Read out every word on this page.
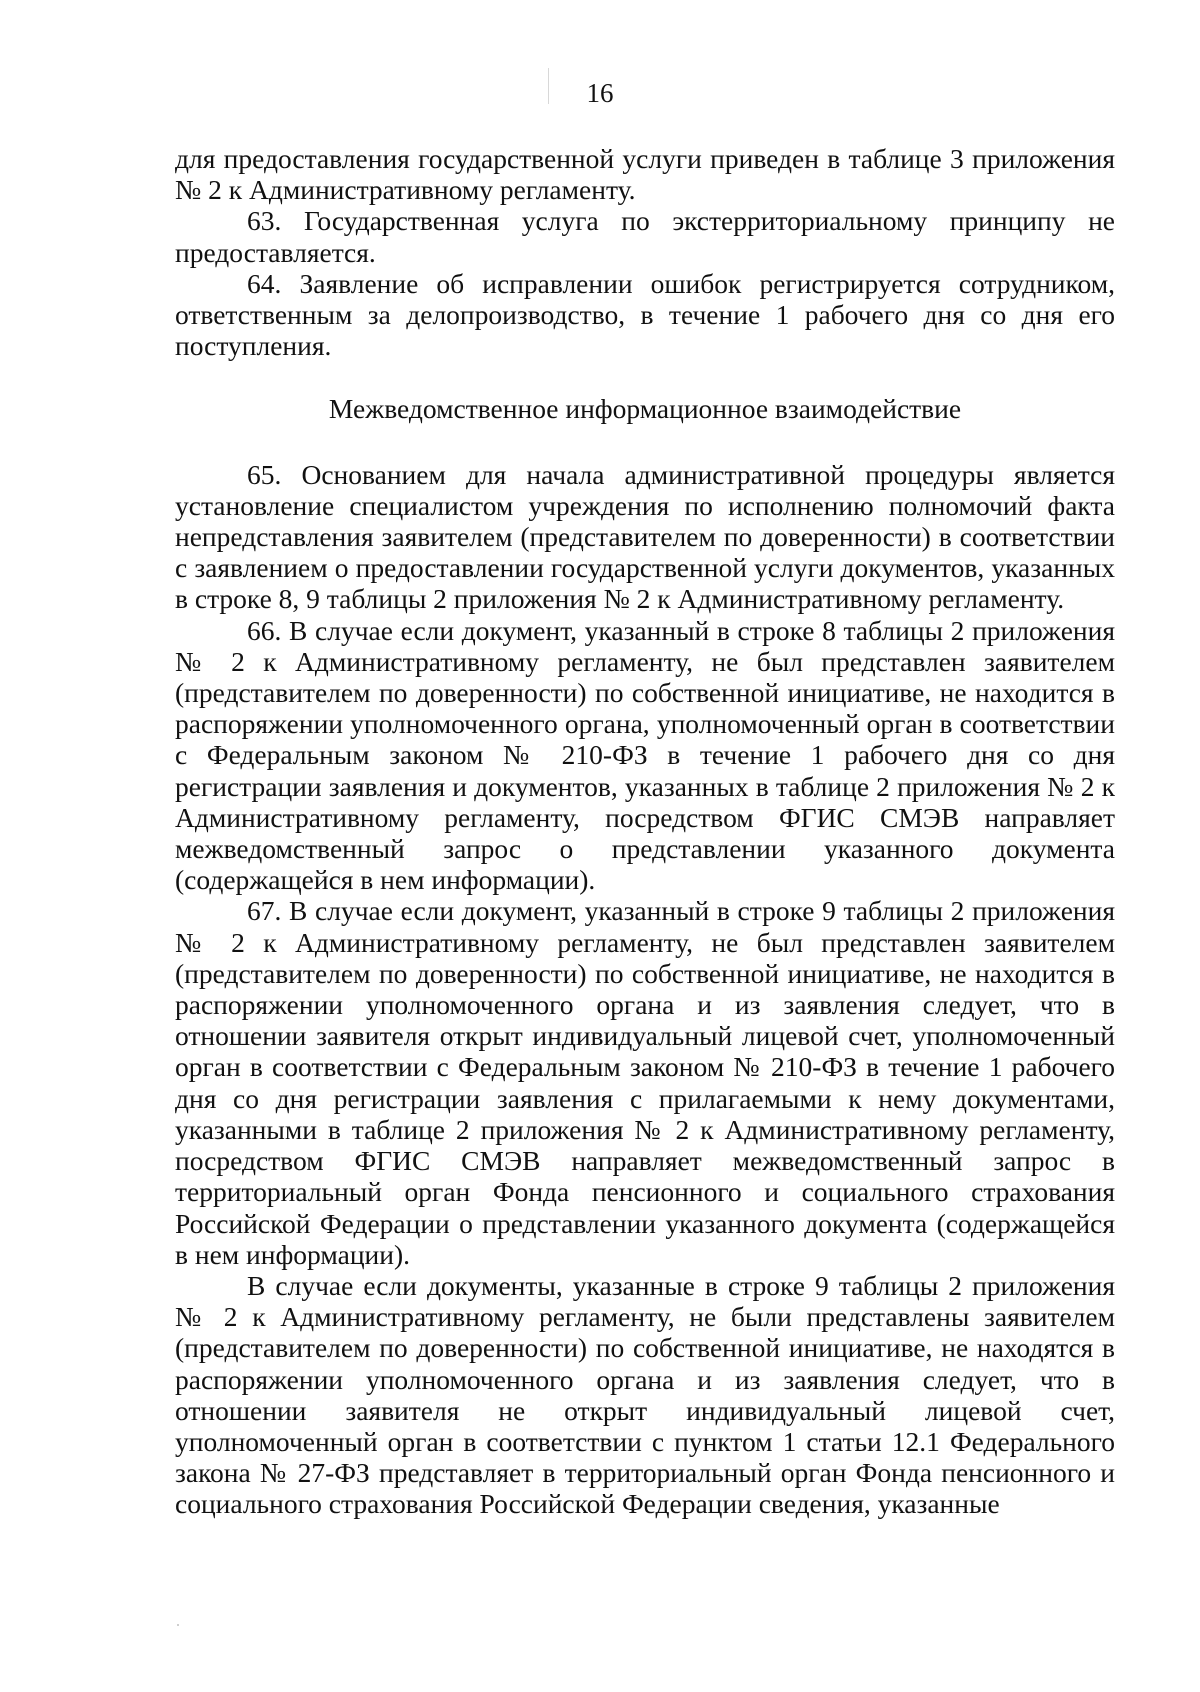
16

для предоставления государственной услуги приведен в таблице 3 приложения № 2 к Административному регламенту.

63. Государственная услуга по экстерриториальному принципу не предоставляется.

64. Заявление об исправлении ошибок регистрируется сотрудником, ответственным за делопроизводство, в течение 1 рабочего дня со дня его поступления.

Межведомственное информационное взаимодействие

65. Основанием для начала административной процедуры является установление специалистом учреждения по исполнению полномочий факта непредставления заявителем (представителем по доверенности) в соответствии с заявлением о предоставлении государственной услуги документов, указанных в строке 8, 9 таблицы 2 приложения № 2 к Административному регламенту.

66. В случае если документ, указанный в строке 8 таблицы 2 приложения № 2 к Административному регламенту, не был представлен заявителем (представителем по доверенности) по собственной инициативе, не находится в распоряжении уполномоченного органа, уполномоченный орган в соответствии с Федеральным законом № 210-ФЗ в течение 1 рабочего дня со дня регистрации заявления и документов, указанных в таблице 2 приложения № 2 к Административному регламенту, посредством ФГИС СМЭВ направляет межведомственный запрос о представлении указанного документа (содержащейся в нем информации).

67. В случае если документ, указанный в строке 9 таблицы 2 приложения № 2 к Административному регламенту, не был представлен заявителем (представителем по доверенности) по собственной инициативе, не находится в распоряжении уполномоченного органа и из заявления следует, что в отношении заявителя открыт индивидуальный лицевой счет, уполномоченный орган в соответствии с Федеральным законом № 210-ФЗ в течение 1 рабочего дня со дня регистрации заявления с прилагаемыми к нему документами, указанными в таблице 2 приложения № 2 к Административному регламенту, посредством ФГИС СМЭВ направляет межведомственный запрос в территориальный орган Фонда пенсионного и социального страхования Российской Федерации о представлении указанного документа (содержащейся в нем информации).

В случае если документы, указанные в строке 9 таблицы 2 приложения № 2 к Административному регламенту, не были представлены заявителем (представителем по доверенности) по собственной инициативе, не находятся в распоряжении уполномоченного органа и из заявления следует, что в отношении заявителя не открыт индивидуальный лицевой счет, уполномоченный орган в соответствии с пунктом 1 статьи 12.1 Федерального закона № 27-ФЗ представляет в территориальный орган Фонда пенсионного и социального страхования Российской Федерации сведения, указанные
